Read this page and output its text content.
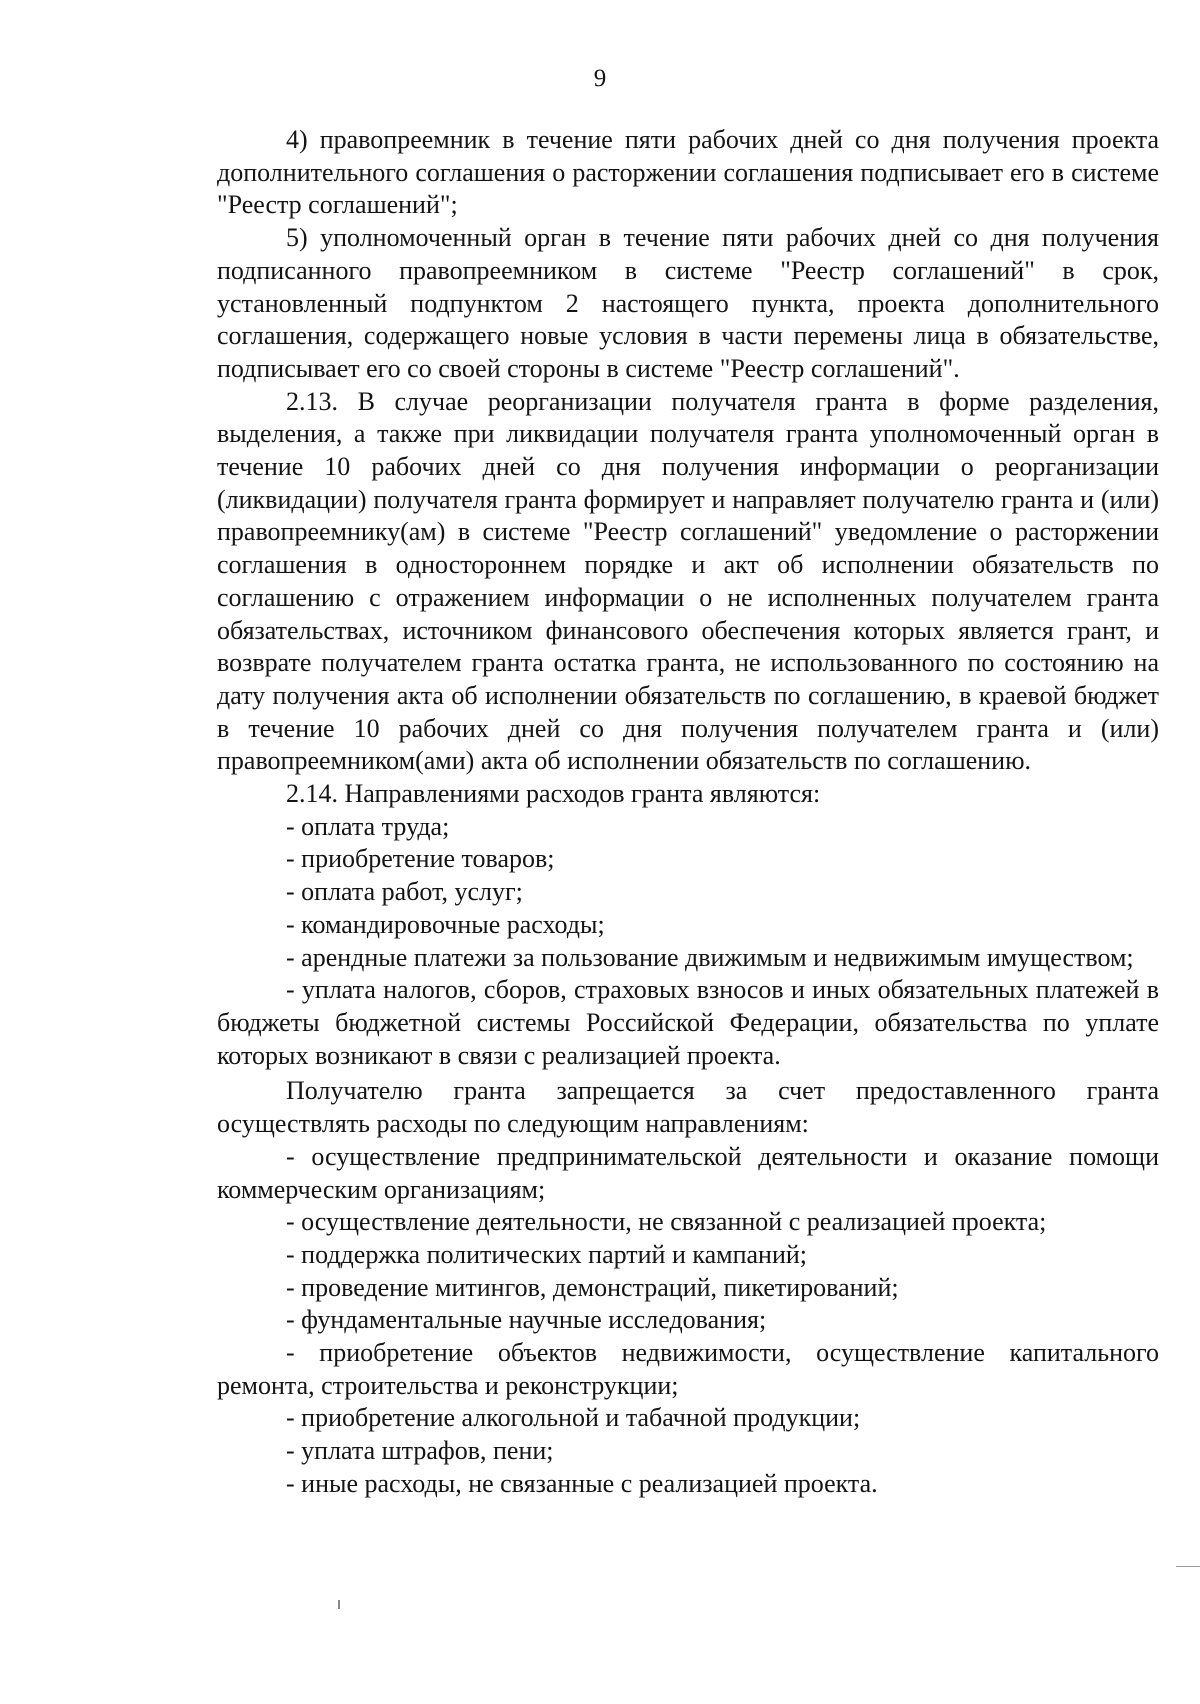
9

4) правопреемник в течение пяти рабочих дней со дня получения проекта дополнительного соглашения о расторжении соглашения подписывает его в системе "Реестр соглашений";

5) уполномоченный орган в течение пяти рабочих дней со дня получения подписанного правопреемником в системе "Реестр соглашений" в срок, установленный подпунктом 2 настоящего пункта, проекта дополнительного соглашения, содержащего новые условия в части перемены лица в обязательстве, подписывает его со своей стороны в системе "Реестр соглашений".

2.13. В случае реорганизации получателя гранта в форме разделения, выделения, а также при ликвидации получателя гранта уполномоченный орган в течение 10 рабочих дней со дня получения информации о реорганизации (ликвидации) получателя гранта формирует и направляет получателю гранта и (или) правопреемнику(ам) в системе "Реестр соглашений" уведомление о расторжении соглашения в одностороннем порядке и акт об исполнении обязательств по соглашению с отражением информации о не исполненных получателем гранта обязательствах, источником финансового обеспечения которых является грант, и возврате получателем гранта остатка гранта, не использованного по состоянию на дату получения акта об исполнении обязательств по соглашению, в краевой бюджет в течение 10 рабочих дней со дня получения получателем гранта и (или) правопреемником(ами) акта об исполнении обязательств по соглашению.

2.14. Направлениями расходов гранта являются:

- оплата труда;

- приобретение товаров;

- оплата работ, услуг;

- командировочные расходы;

- арендные платежи за пользование движимым и недвижимым имуществом;

- уплата налогов, сборов, страховых взносов и иных обязательных платежей в бюджеты бюджетной системы Российской Федерации, обязательства по уплате которых возникают в связи с реализацией проекта.

Получателю гранта запрещается за счет предоставленного гранта осуществлять расходы по следующим направлениям:

- осуществление предпринимательской деятельности и оказание помощи коммерческим организациям;

- осуществление деятельности, не связанной с реализацией проекта;

- поддержка политических партий и кампаний;

- проведение митингов, демонстраций, пикетирований;

- фундаментальные научные исследования;

- приобретение объектов недвижимости, осуществление капитального ремонта, строительства и реконструкции;

- приобретение алкогольной и табачной продукции;

- уплата штрафов, пени;

- иные расходы, не связанные с реализацией проекта.
